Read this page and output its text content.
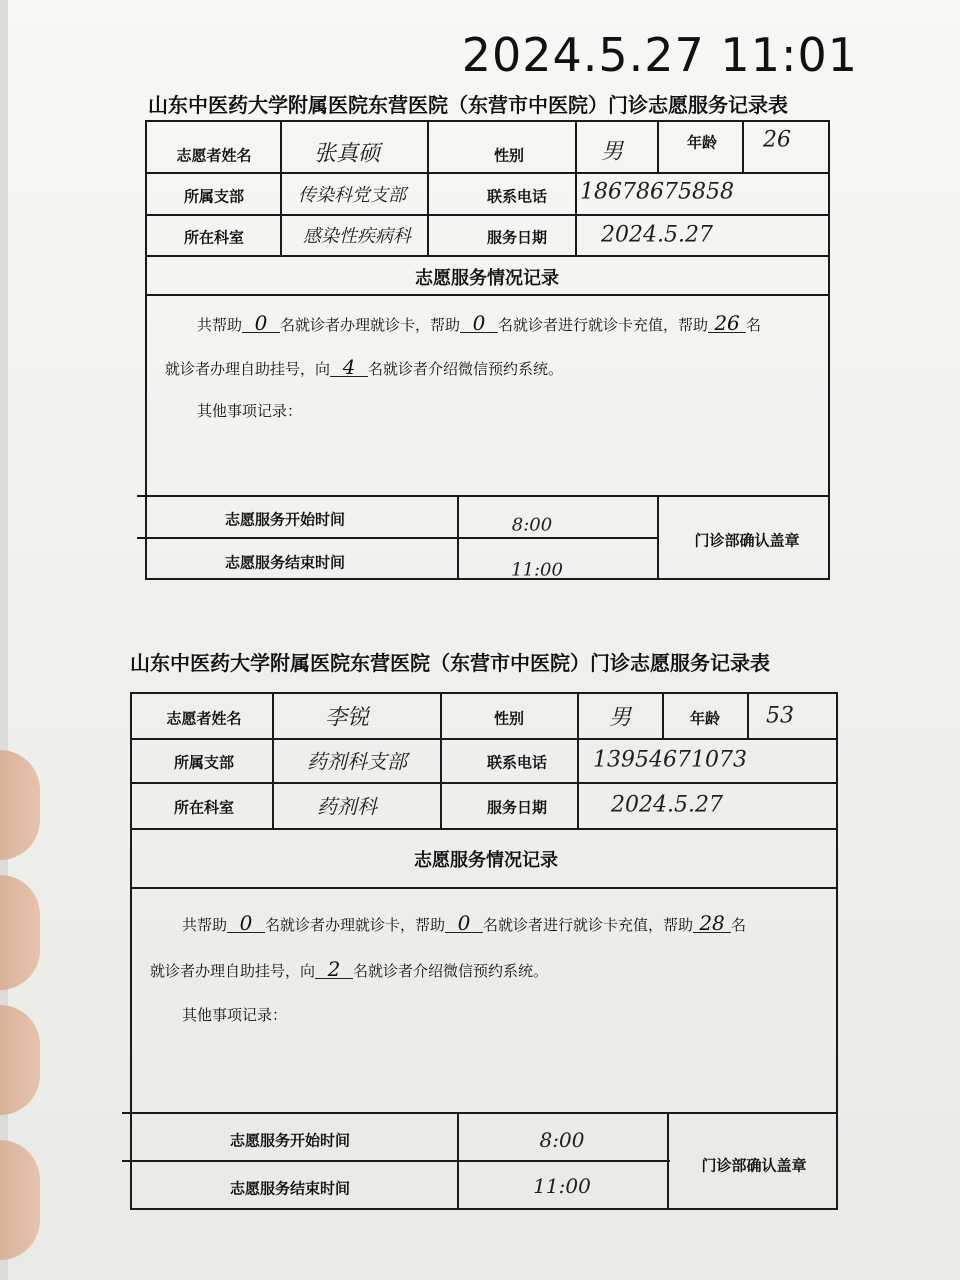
2024.5.27 11:01
山东中医药大学附属医院东营医院（东营市中医院）门诊志愿服务记录表
志愿者姓名	张真硕	性别	男	年龄 26
所属支部	传染科党支部	联系电话 18678675858
所在科室	感染性疾病科	服务日期 2024.5.27
志愿服务情况记录
共帮助 0 名就诊者办理就诊卡，帮助 0 名就诊者进行就诊卡充值，帮助 26 名
就诊者办理自助挂号，向 4 名就诊者介绍微信预约系统。
其他事项记录：
志愿服务开始时间	8:00
志愿服务结束时间	11:00
门诊部确认盖章
山东中医药大学附属医院东营医院（东营市中医院）门诊志愿服务记录表
志愿者姓名	李锐	性别	男	年龄 53
所属支部	药剂科支部	联系电话 13954671073
所在科室	药剂科	服务日期	2024.5.27
志愿服务情况记录
共帮助 0 名就诊者办理就诊卡，帮助 0 名就诊者进行就诊卡充值，帮助 28 名
就诊者办理自助挂号，向 2 名就诊者介绍微信预约系统。
其他事项记录：
志愿服务开始时间	8:00
志愿服务结束时间	11:00
门诊部确认盖章
